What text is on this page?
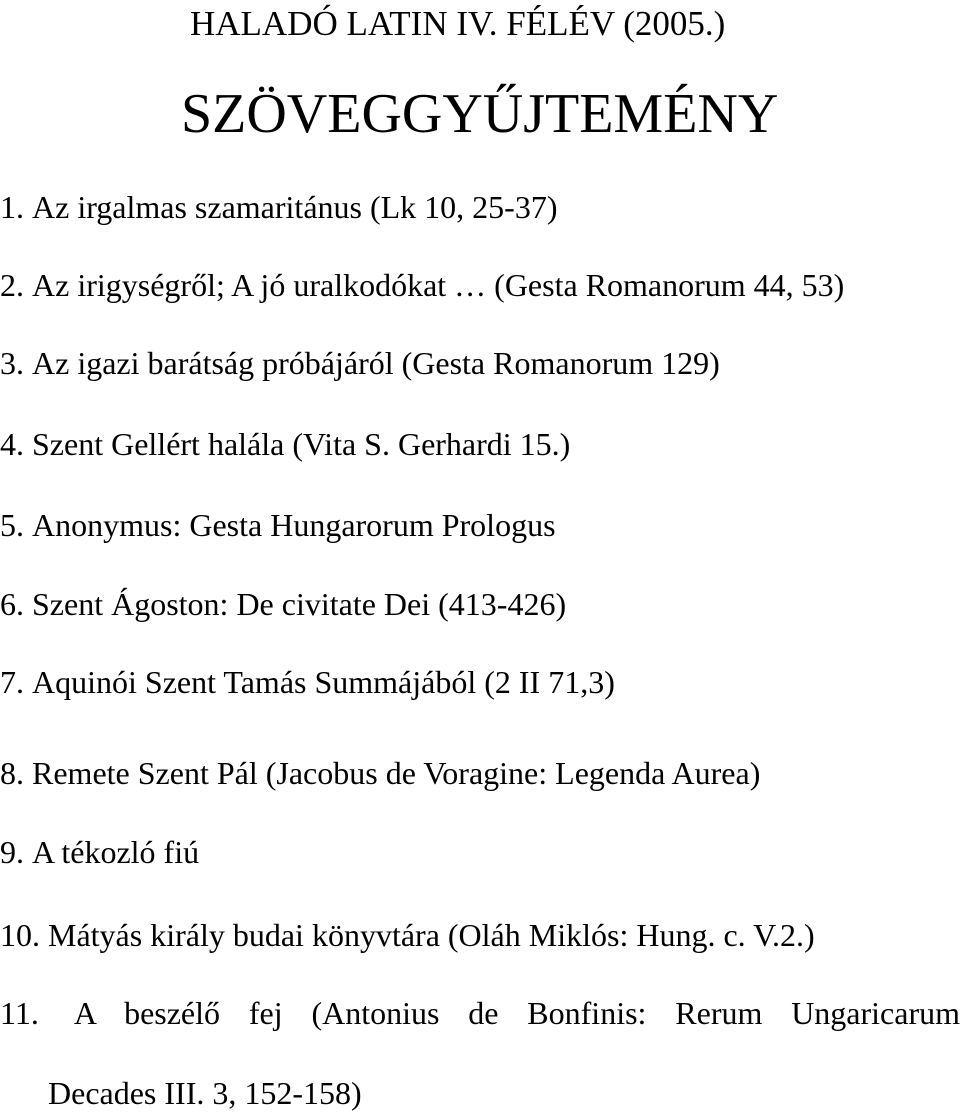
HALADÓ LATIN IV. FÉLÉV (2005.)
SZÖVEGGYŰJTEMÉNY
1. Az irgalmas szamaritánus (Lk 10, 25-37)
2. Az irigységről; A jó uralkodókat … (Gesta Romanorum 44, 53)
3. Az igazi barátság próbájáról (Gesta Romanorum 129)
4. Szent Gellért halála (Vita S. Gerhardi 15.)
5. Anonymus: Gesta Hungarorum Prologus
6. Szent Ágoston: De civitate Dei (413-426)
7. Aquinói Szent Tamás Summájából (2 II 71,3)
8. Remete Szent Pál (Jacobus de Voragine: Legenda Aurea)
9. A tékozló fiú
10. Mátyás király budai könyvtára (Oláh Miklós: Hung. c. V.2.)
11. A beszélő fej (Antonius de Bonfinis: Rerum Ungaricarum
Decades III. 3, 152-158)
